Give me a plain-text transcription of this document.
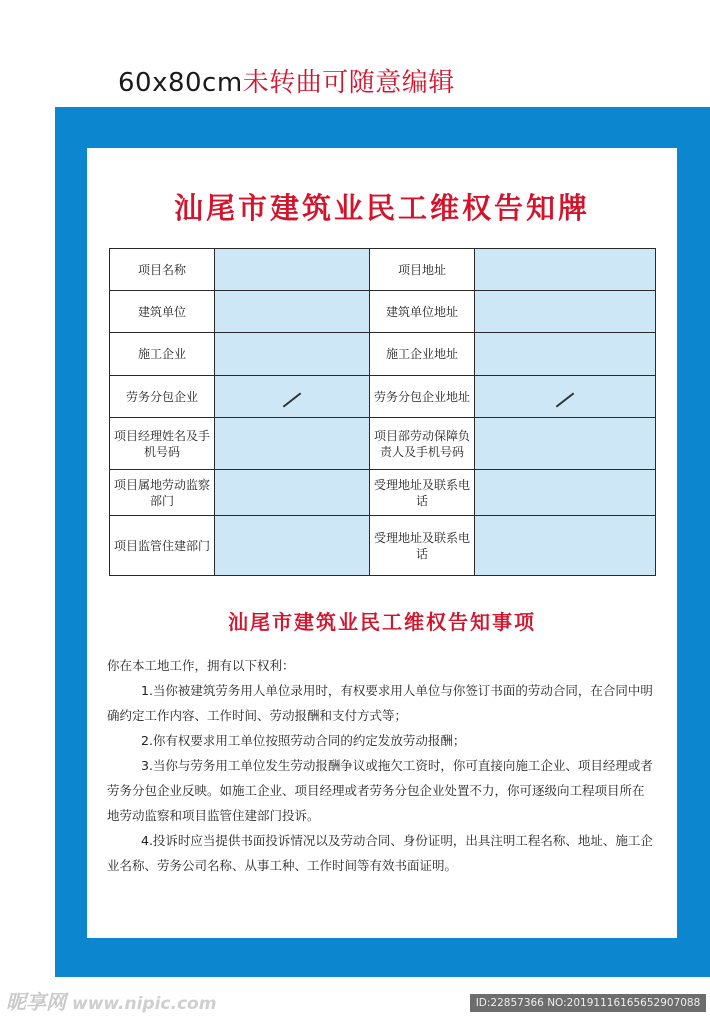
60x80cm未转曲可随意编辑
汕尾市建筑业民工维权告知牌
项目名称		项目地址	
建筑单位		建筑单位地址	
施工企业		施工企业地址	
劳务分包企业		劳务分包企业地址	
项目经理姓名及手机号码		项目部劳动保障负责人及手机号码	
项目属地劳动监察部门		受理地址及联系电话	
项目监管住建部门		受理地址及联系电话	
汕尾市建筑业民工维权告知事项

你在本工地工作，拥有以下权利：

1.当你被建筑劳务用人单位录用时，有权要求用人单位与你签订书面的劳动合同，在合同中明确约定工作内容、工作时间、劳动报酬和支付方式等；

2.你有权要求用工单位按照劳动合同的约定发放劳动报酬；

3.当你与劳务用工单位发生劳动报酬争议或拖欠工资时，你可直接向施工企业、项目经理或者劳务分包企业反映。如施工企业、项目经理或者劳务分包企业处置不力，你可逐级向工程项目所在地劳动监察和项目监管住建部门投诉。

4.投诉时应当提供书面投诉情况以及劳动合同、身份证明，出具注明工程名称、地址、施工企业名称、劳务公司名称、从事工种、工作时间等有效书面证明。

昵享网 www.nipic.com	ID:22857366 NO:20191116165652907088
